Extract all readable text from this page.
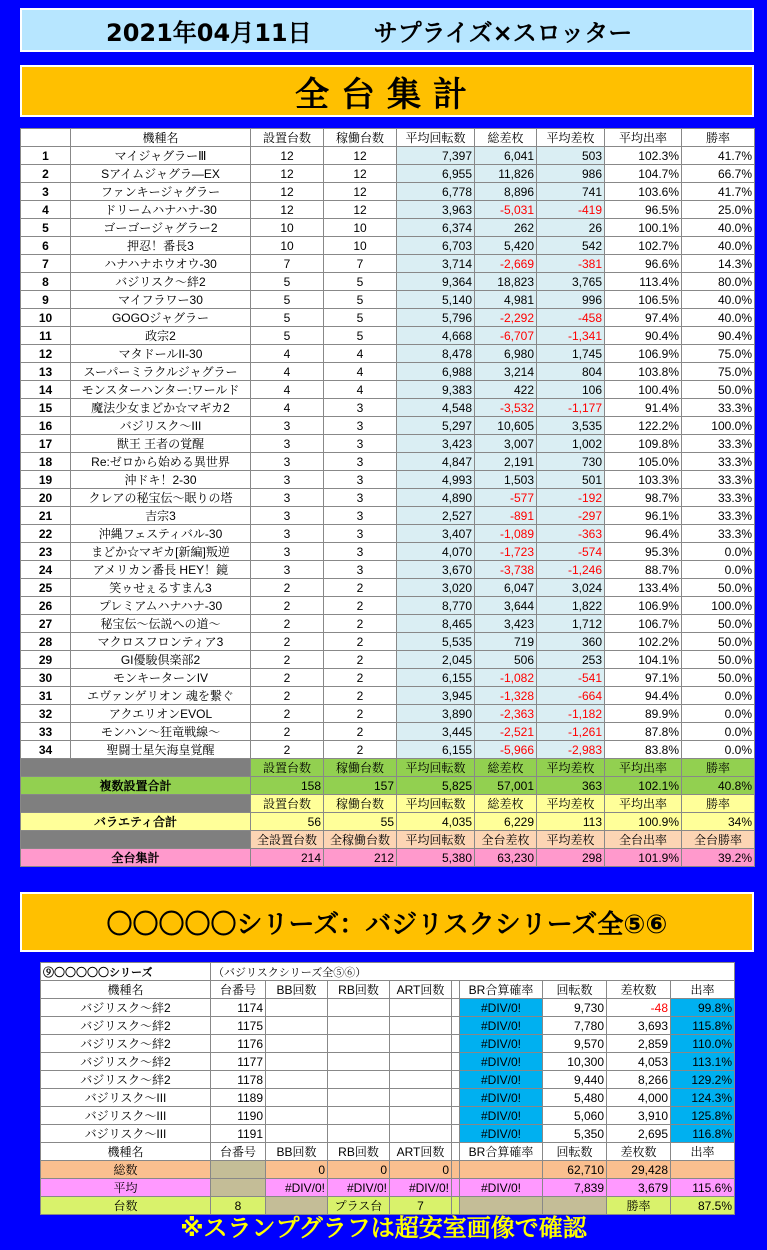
2021年04月11日	サプライズ×スロッター
全台集計
	機種名	設置台数	稼働台数	平均回転数	総差枚	平均差枚	平均出率	勝率
1	マイジャグラーⅢ	12	12	7,397	6,041	503	102.3%	41.7%
2	Sアイムジャグラ―EX	12	12	6,955	11,826	986	104.7%	66.7%
3	ファンキージャグラー	12	12	6,778	8,896	741	103.6%	41.7%
4	ドリームハナハナ-30	12	12	3,963	-5,031	-419	96.5%	25.0%
5	ゴーゴージャグラー2	10	10	6,374	262	26	100.1%	40.0%
6	押忍！番長3	10	10	6,703	5,420	542	102.7%	40.0%
7	ハナハナホウオウ-30	7	7	3,714	-2,669	-381	96.6%	14.3%
8	バジリスク～絆2	5	5	9,364	18,823	3,765	113.4%	80.0%
9	マイフラワー30	5	5	5,140	4,981	996	106.5%	40.0%
10	GOGOジャグラー	5	5	5,796	-2,292	-458	97.4%	40.0%
11	政宗2	5	5	4,668	-6,707	-1,341	90.4%	90.4%
12	マタドールII-30	4	4	8,478	6,980	1,745	106.9%	75.0%
13	スーパーミラクルジャグラー	4	4	6,988	3,214	804	103.8%	75.0%
14	モンスターハンター:ワールド	4	4	9,383	422	106	100.4%	50.0%
15	魔法少女まどか☆マギカ2	4	3	4,548	-3,532	-1,177	91.4%	33.3%
16	バジリスク～III	3	3	5,297	10,605	3,535	122.2%	100.0%
17	獣王 王者の覚醒	3	3	3,423	3,007	1,002	109.8%	33.3%
18	Re:ゼロから始める異世界	3	3	4,847	2,191	730	105.0%	33.3%
19	沖ドキ！2-30	3	3	4,993	1,503	501	103.3%	33.3%
20	クレアの秘宝伝～眠りの塔	3	3	4,890	-577	-192	98.7%	33.3%
21	吉宗3	3	3	2,527	-891	-297	96.1%	33.3%
22	沖縄フェスティバル-30	3	3	3,407	-1,089	-363	96.4%	33.3%
23	まどか☆マギカ[新編]叛逆	3	3	4,070	-1,723	-574	95.3%	0.0%
24	アメリカン番長 HEY！鏡	3	3	3,670	-3,738	-1,246	88.7%	0.0%
25	笑ゥせぇるすまん3	2	2	3,020	6,047	3,024	133.4%	50.0%
26	プレミアムハナハナ-30	2	2	8,770	3,644	1,822	106.9%	100.0%
27	秘宝伝～伝説への道～	2	2	8,465	3,423	1,712	106.7%	50.0%
28	マクロスフロンティア3	2	2	5,535	719	360	102.2%	50.0%
29	GI優駿倶楽部2	2	2	2,045	506	253	104.1%	50.0%
30	モンキーターンIV	2	2	6,155	-1,082	-541	97.1%	50.0%
31	エヴァンゲリオン 魂を繋ぐ	2	2	3,945	-1,328	-664	94.4%	0.0%
32	アクエリオンEVOL	2	2	3,890	-2,363	-1,182	89.9%	0.0%
33	モンハン～狂竜戦線～	2	2	3,445	-2,521	-1,261	87.8%	0.0%
34	聖闘士星矢海皇覚醒	2	2	6,155	-5,966	-2,983	83.8%	0.0%
	設置台数	稼働台数	平均回転数	総差枚	平均差枚	平均出率	勝率
複数設置合計	158	157	5,825	57,001	363	102.1%	40.8%
	設置台数	稼働台数	平均回転数	総差枚	平均差枚	平均出率	勝率
バラエティ合計	56	55	4,035	6,229	113	100.9%	34%
	全設置台数	全稼働台数	平均回転数	全台差枚	平均差枚	全台出率	全台勝率
全台集計	214	212	5,380	63,230	298	101.9%	39.2%
〇〇〇〇〇シリーズ：バジリスクシリーズ全⑤⑥
⑨〇〇〇〇〇シリーズ	（バジリスクシリーズ全⑤⑥）								
機種名	台番号	BB回数	RB回数	ART回数		BR合算確率	回転数	差枚数	出率
バジリスク～絆2	1174					#DIV/0!	9,730	-48	99.8%
バジリスク～絆2	1175					#DIV/0!	7,780	3,693	115.8%
バジリスク～絆2	1176					#DIV/0!	9,570	2,859	110.0%
バジリスク～絆2	1177					#DIV/0!	10,300	4,053	113.1%
バジリスク～絆2	1178					#DIV/0!	9,440	8,266	129.2%
バジリスク～III	1189					#DIV/0!	5,480	4,000	124.3%
バジリスク～III	1190					#DIV/0!	5,060	3,910	125.8%
バジリスク～III	1191					#DIV/0!	5,350	2,695	116.8%
機種名	台番号	BB回数	RB回数	ART回数		BR合算確率	回転数	差枚数	出率
総数		0	0	0			62,710	29,428	
平均		#DIV/0!	#DIV/0!	#DIV/0!		#DIV/0!	7,839	3,679	115.6%
台数	8		プラス台	7				勝率	87.5%
※スランプグラフは超安室画像で確認
